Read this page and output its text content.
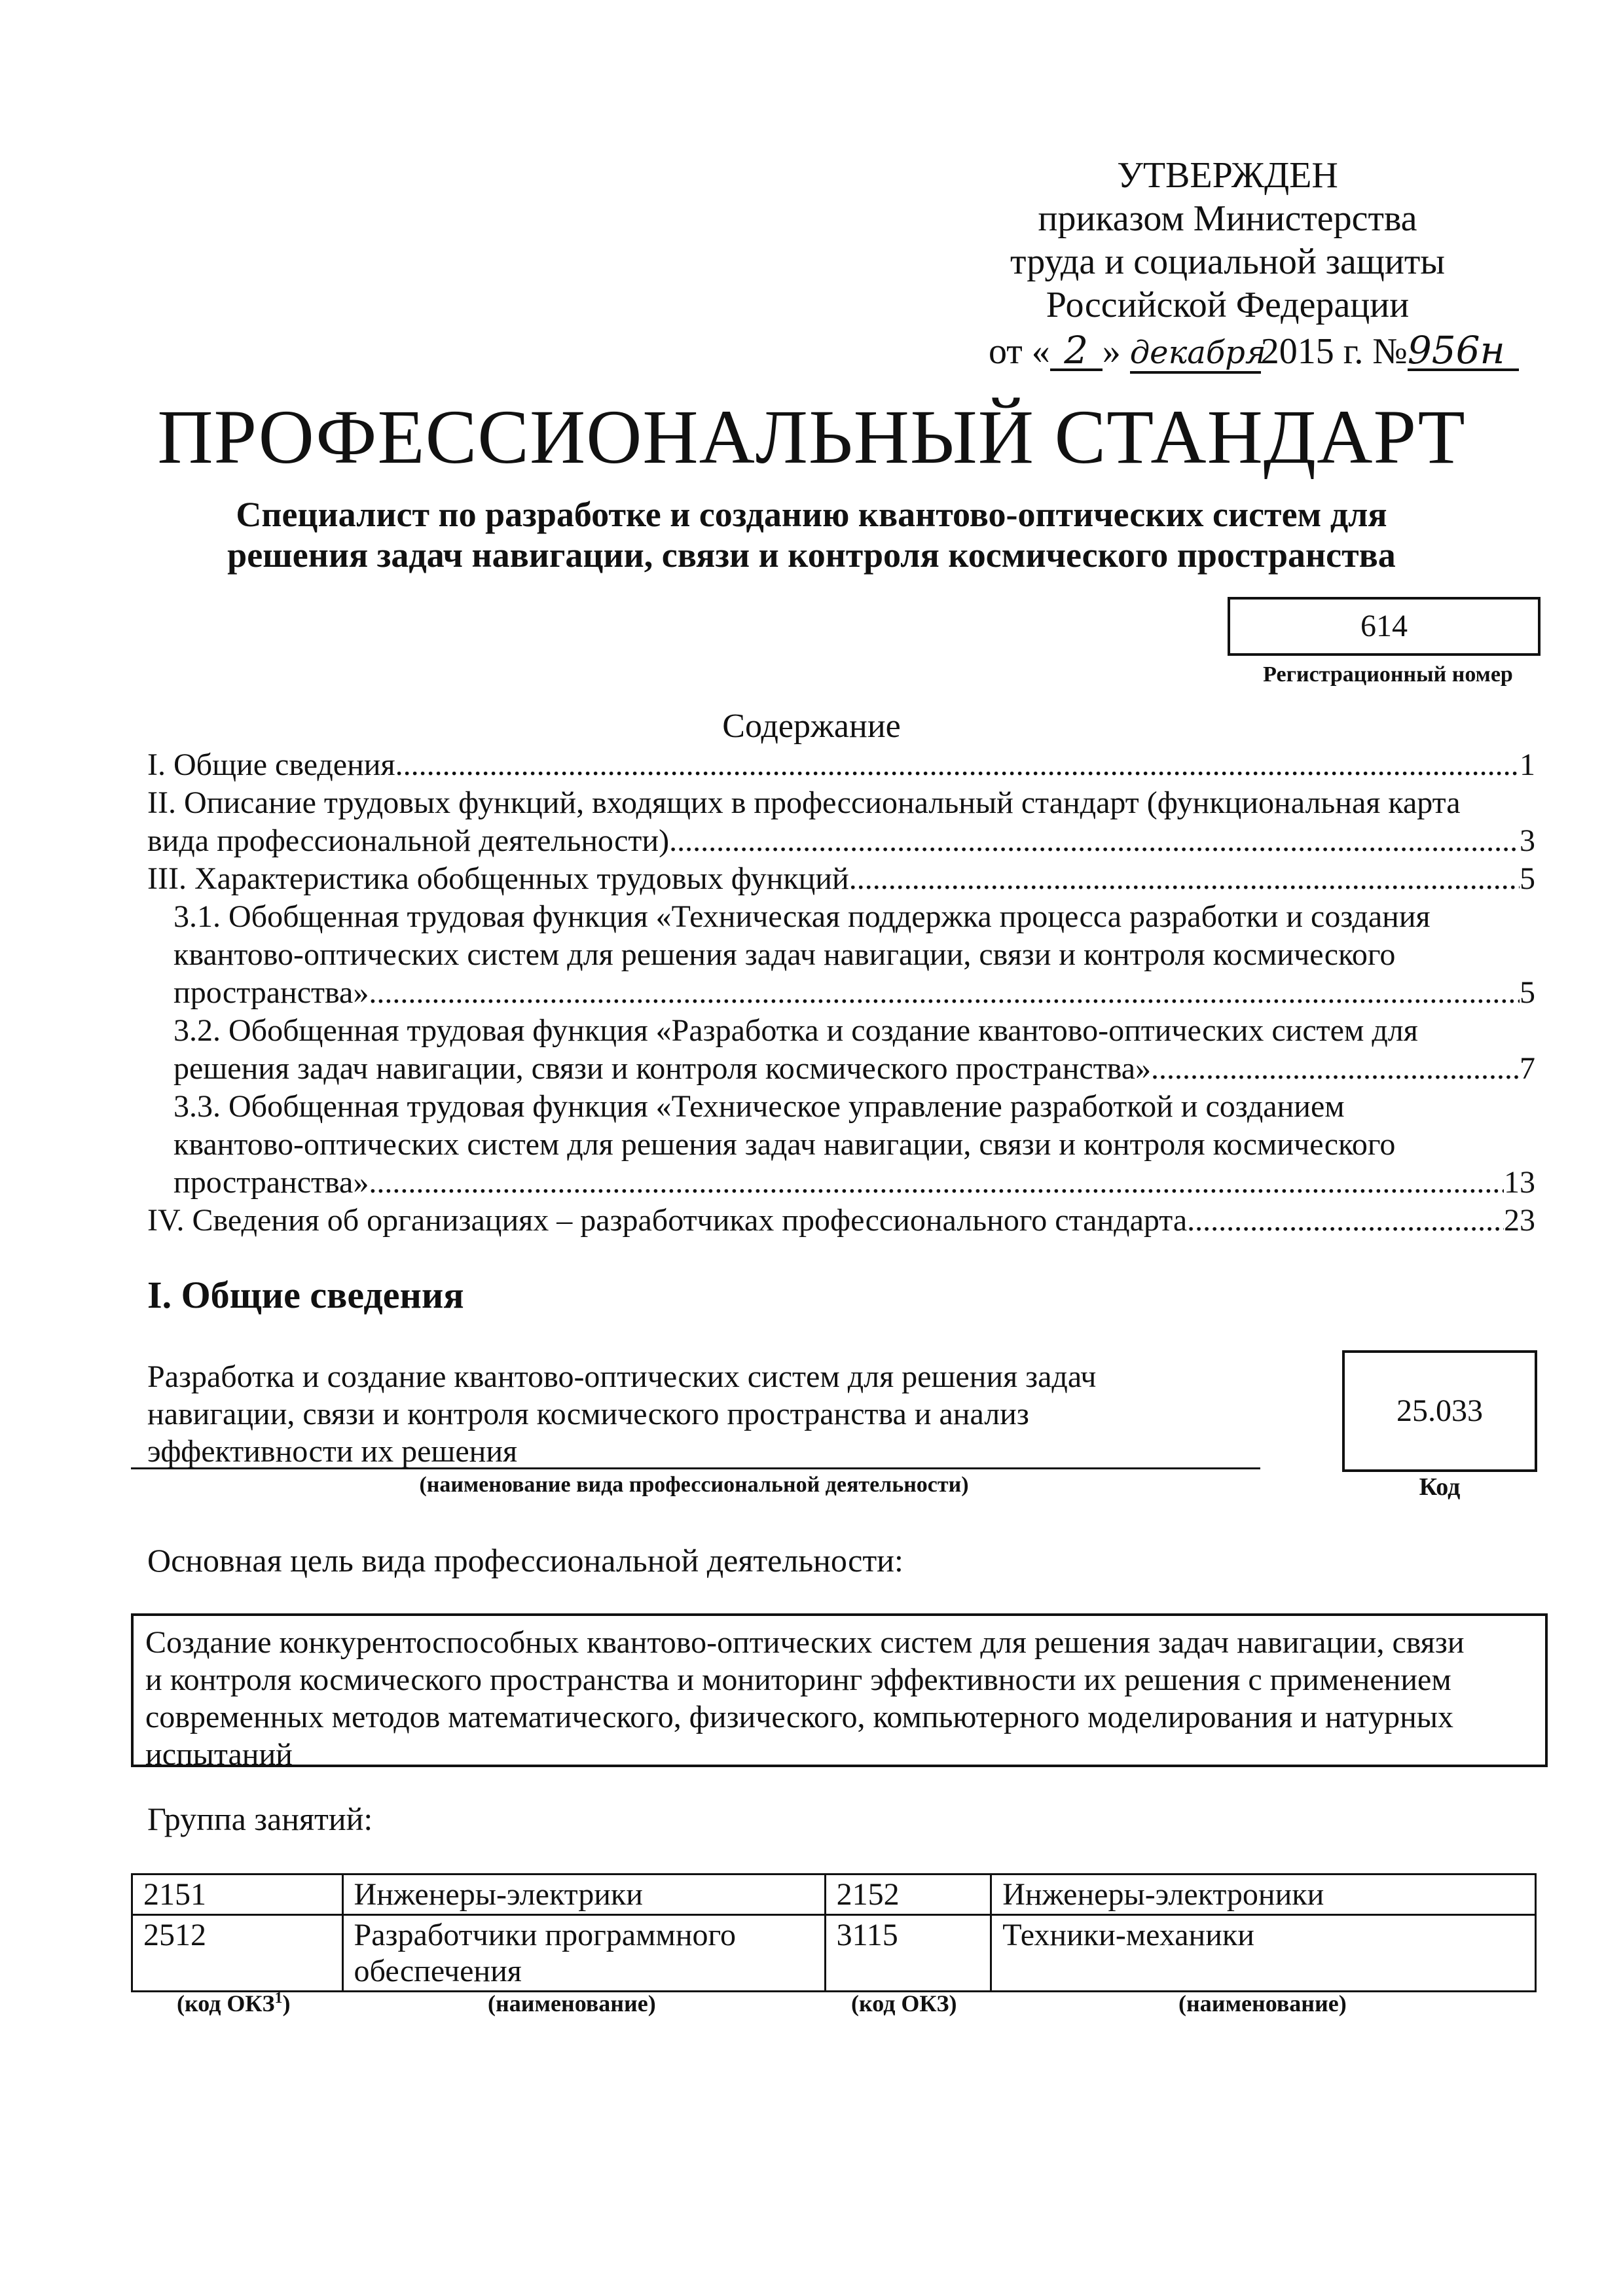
УТВЕРЖДЕН
приказом Министерства
труда и социальной защиты
Российской Федерации
от « 2 » декабря2015 г. №956н
ПРОФЕССИОНАЛЬНЫЙ СТАНДАРТ
Специалист по разработке и созданию квантово-оптических систем для
решения задач навигации, связи и контроля космического пространства
614
Регистрационный номер
Содержание
I. Общие сведения .....	1
II. Описание трудовых функций, входящих в профессиональный стандарт (функциональная карта
вида профессиональной деятельности) .....	3
III. Характеристика обобщенных трудовых функций .....	5
3.1. Обобщенная трудовая функция «Техническая поддержка процесса разработки и создания
квантово-оптических систем для решения задач навигации, связи и контроля космического
пространства» .....	5
3.2. Обобщенная трудовая функция «Разработка и создание квантово-оптических систем для
решения задач навигации, связи и контроля космического пространства» .....	7
3.3. Обобщенная трудовая функция «Техническое управление разработкой и созданием
квантово-оптических систем для решения задач навигации, связи и контроля космического
пространства» .....	13
IV. Сведения об организациях – разработчиках профессионального стандарта .....	23
I. Общие сведения
Разработка и создание квантово-оптических систем для решения задач
навигации, связи и контроля космического пространства и анализ
эффективности их решения
(наименование вида профессиональной деятельности)
25.033
Код
Основная цель вида профессиональной деятельности:
Создание конкурентоспособных квантово-оптических систем для решения задач навигации, связи
и контроля космического пространства и мониторинг эффективности их решения с применением
современных методов математического, физического, компьютерного моделирования и натурных
испытаний
Группа занятий:
2151	Инженеры-электрики	2152	Инженеры-электроники
2512	Разработчики программного обеспечения	3115	Техники-механики
(код ОКЗ$^1$)	(наименование)	(код ОКЗ)	(наименование)
